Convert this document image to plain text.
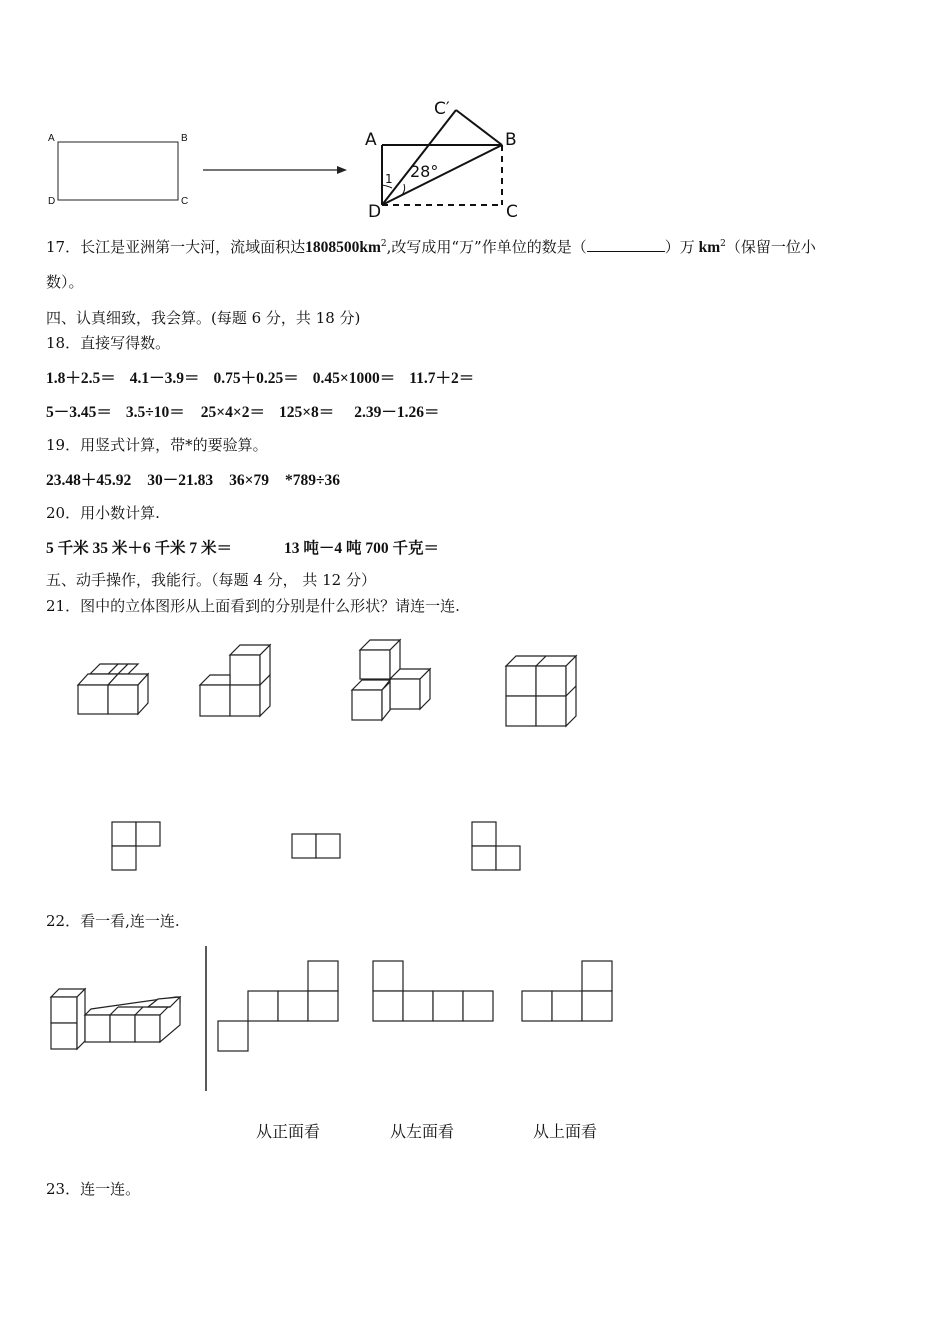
A	B
D	C
C′
A	B
D	C
1 28°
17．长江是亚洲第一大河，流域面积达$1808500km^2$,改写成用“万”作单位的数是（	）万 $km^2$（保留一位小
数）。
四、认真细致，我会算。(每题 6 分，共 18 分)
18．直接写得数。
1.8＋2.5＝ 4.1－3.9＝ 0.75＋0.25＝ 0.45×1000＝ 11.7＋2＝
5－3.45＝ 3.5÷10＝ 25×4×2＝ 125×8＝ 2.39－1.26＝
19．用竖式计算，带*的要验算。
23.48＋45.92 30－21.83 36×79 *789÷36
20．用小数计算.
5 千米 35 米＋6 千米 7 米＝	13 吨－4 吨 700 千克＝
五、动手操作，我能行。（每题 4 分， 共 12 分）
21．图中的立体图形从上面看到的分别是什么形状？请连一连.
22．看一看,连一连.
从正面看	从左面看	从上面看
23．连一连。
